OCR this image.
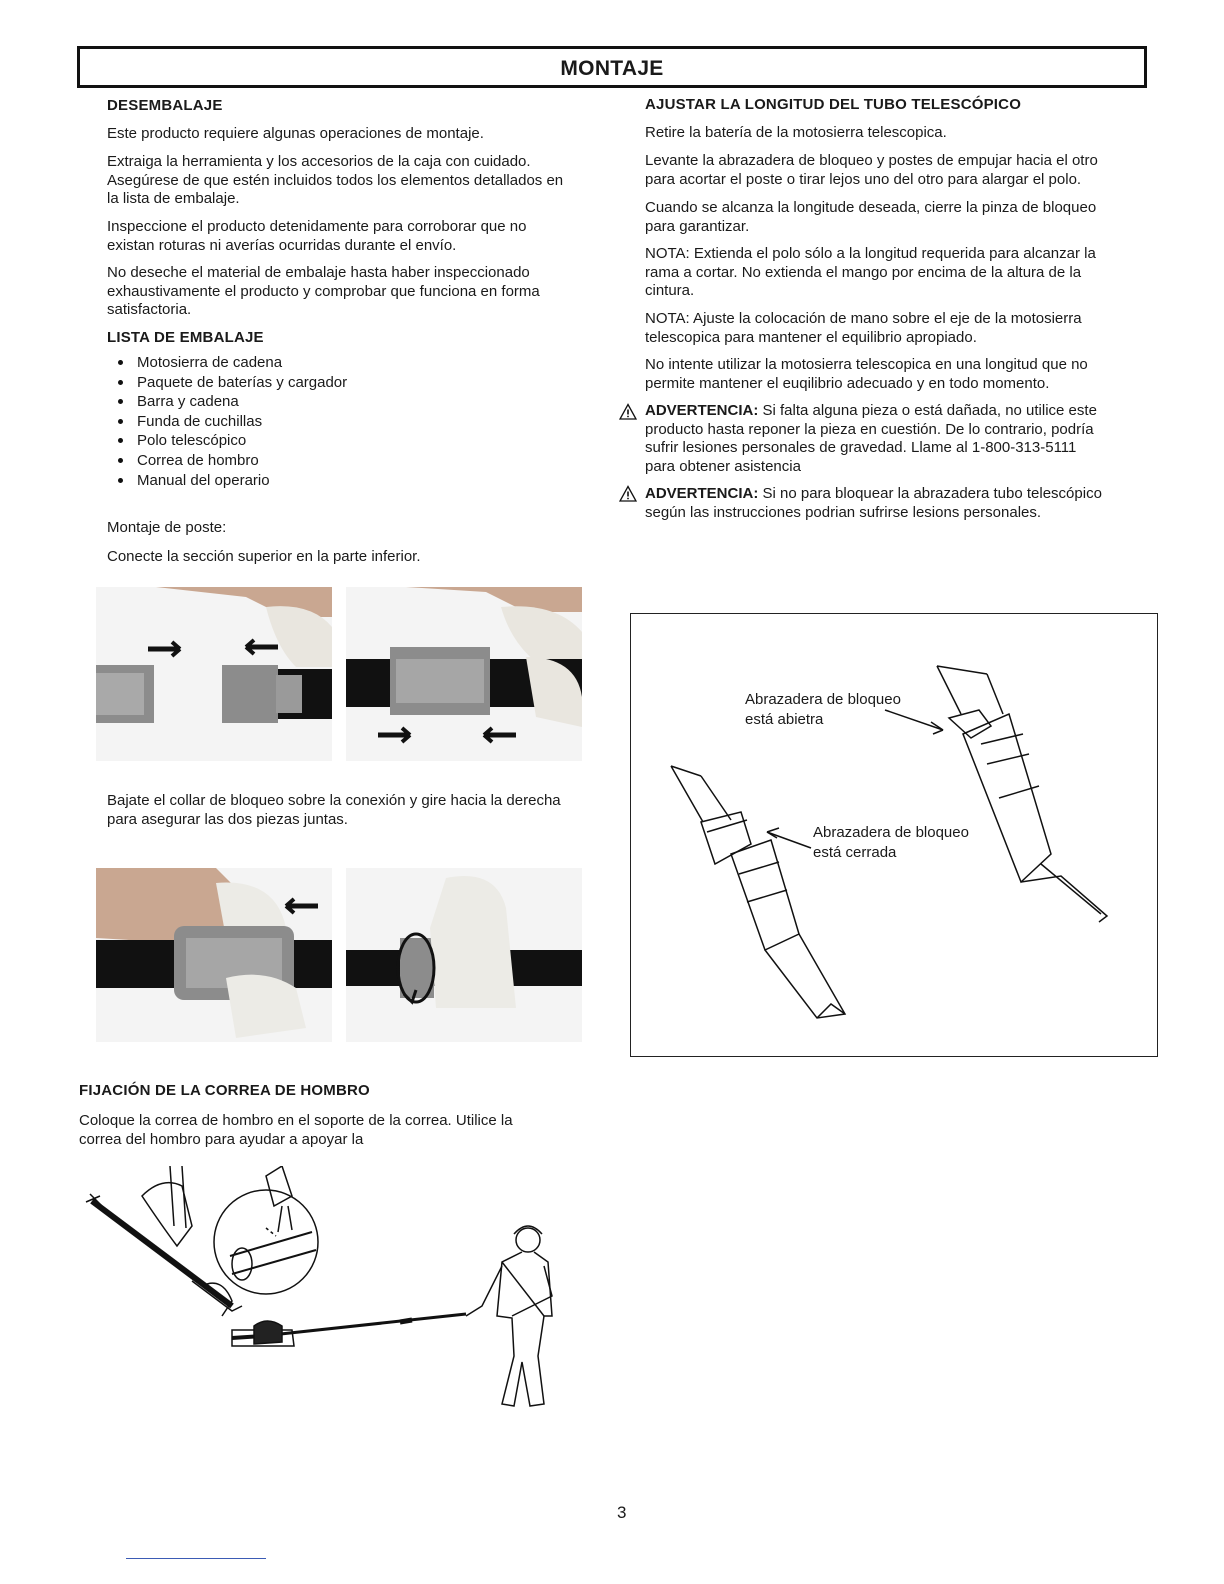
MONTAJE
DESEMBALAJE
Este producto requiere algunas operaciones de montaje.
Extraiga la herramienta y los accesorios de la caja con cuidado.
Asegúrese de que estén incluidos todos los elementos detallados en
la lista de embalaje.
Inspeccione el producto detenidamente para corroborar que no
existan roturas ni averías ocurridas durante el envío.
No deseche el material de embalaje hasta haber inspeccionado
exhaustivamente el producto y comprobar que funciona en forma
satisfactoria.
LISTA DE EMBALAJE
Motosierra de cadena
Paquete de baterías y cargador
Barra y cadena
Funda de cuchillas
Polo telescópico
Correa de hombro
Manual del operario
Montaje de poste:
Conecte la sección superior en la parte inferior.
Bajate el collar de bloqueo sobre la conexión y gire hacia la derecha
para asegurar las dos piezas juntas.
FIJACIÓN DE LA CORREA DE HOMBRO
Coloque la correa de hombro en el soporte de la correa. Utilice la
correa del hombro para ayudar a apoyar la
AJUSTAR LA LONGITUD DEL TUBO TELESCÓPICO
Retire la batería de la motosierra telescopica.
Levante la abrazadera de bloqueo y postes de empujar hacia el otro
para acortar el poste o tirar lejos uno del otro para alargar el polo.
Cuando se alcanza la longitude deseada, cierre la pinza de bloqueo
para garantizar.
NOTA: Extienda el polo sólo a la longitud requerida para alcanzar la
rama a cortar. No extienda el mango por encima de la altura de la
cintura.
NOTA: Ajuste la colocación de mano sobre el eje de la motosierra
telescopica para mantener el equilibrio apropiado.
No intente utilizar la motosierra telescopica en una longitud que no
permite mantener el euqilibrio adecuado y en todo momento.
ADVERTENCIA: Si falta alguna pieza o está dañada, no utilice este
producto hasta reponer la pieza en cuestión. De lo contrario, podría
sufrir lesiones personales de gravedad. Llame al 1-800-313-5111
para obtener asistencia
ADVERTENCIA: Si no para bloquear la abrazadera tubo telescópico
según las instrucciones podrian sufrirse lesions personales.
Abrazadera de bloqueo
está abietra
Abrazadera de bloqueo
está cerrada
3
